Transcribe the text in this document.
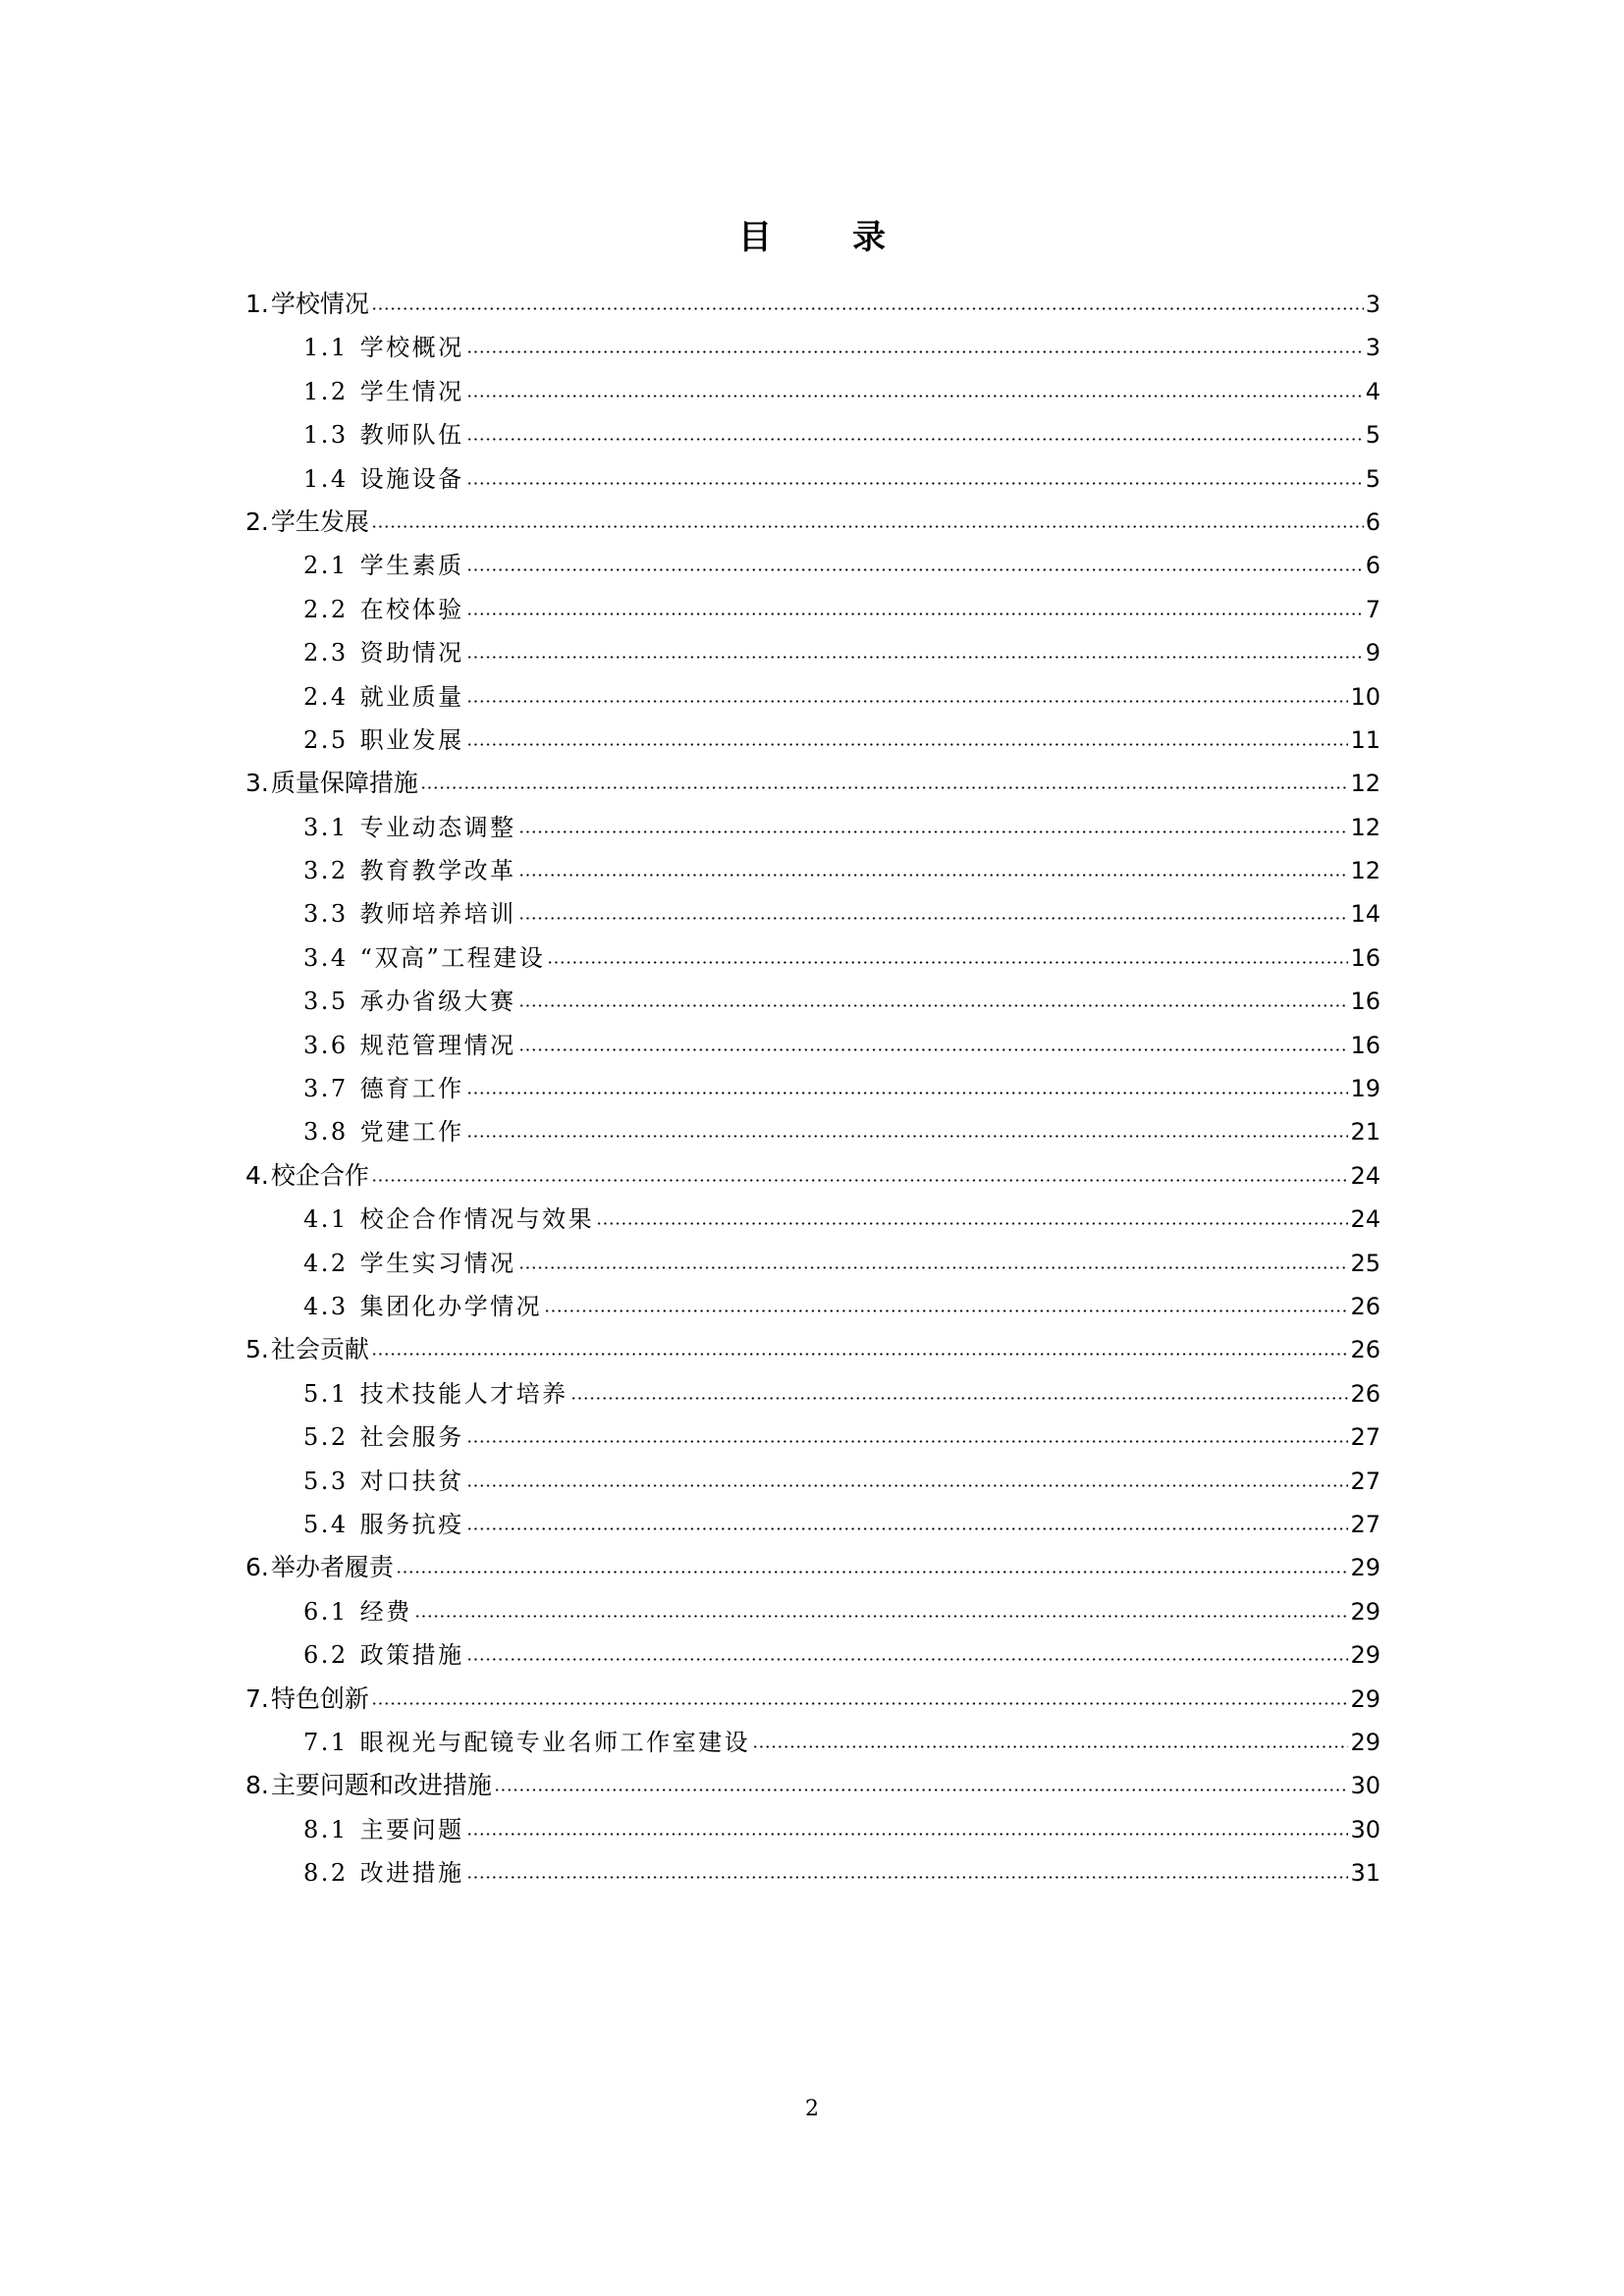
目 录
1.学校情况	3
1.1 学校概况	3
1.2 学生情况	4
1.3 教师队伍	5
1.4 设施设备	5
2.学生发展	6
2.1 学生素质	6
2.2 在校体验	7
2.3 资助情况	9
2.4 就业质量	10
2.5 职业发展	11
3.质量保障措施	12
3.1 专业动态调整	12
3.2 教育教学改革	12
3.3 教师培养培训	14
3.4 “双高”工程建设	16
3.5 承办省级大赛	16
3.6 规范管理情况	16
3.7 德育工作	19
3.8 党建工作	21
4.校企合作	24
4.1 校企合作情况与效果	24
4.2 学生实习情况	25
4.3 集团化办学情况	26
5.社会贡献	26
5.1 技术技能人才培养	26
5.2 社会服务	27
5.3 对口扶贫	27
5.4 服务抗疫	27
6.举办者履责	29
6.1 经费	29
6.2 政策措施	29
7.特色创新	29
7.1 眼视光与配镜专业名师工作室建设	29
8.主要问题和改进措施	30
8.1 主要问题	30
8.2 改进措施	31
2
